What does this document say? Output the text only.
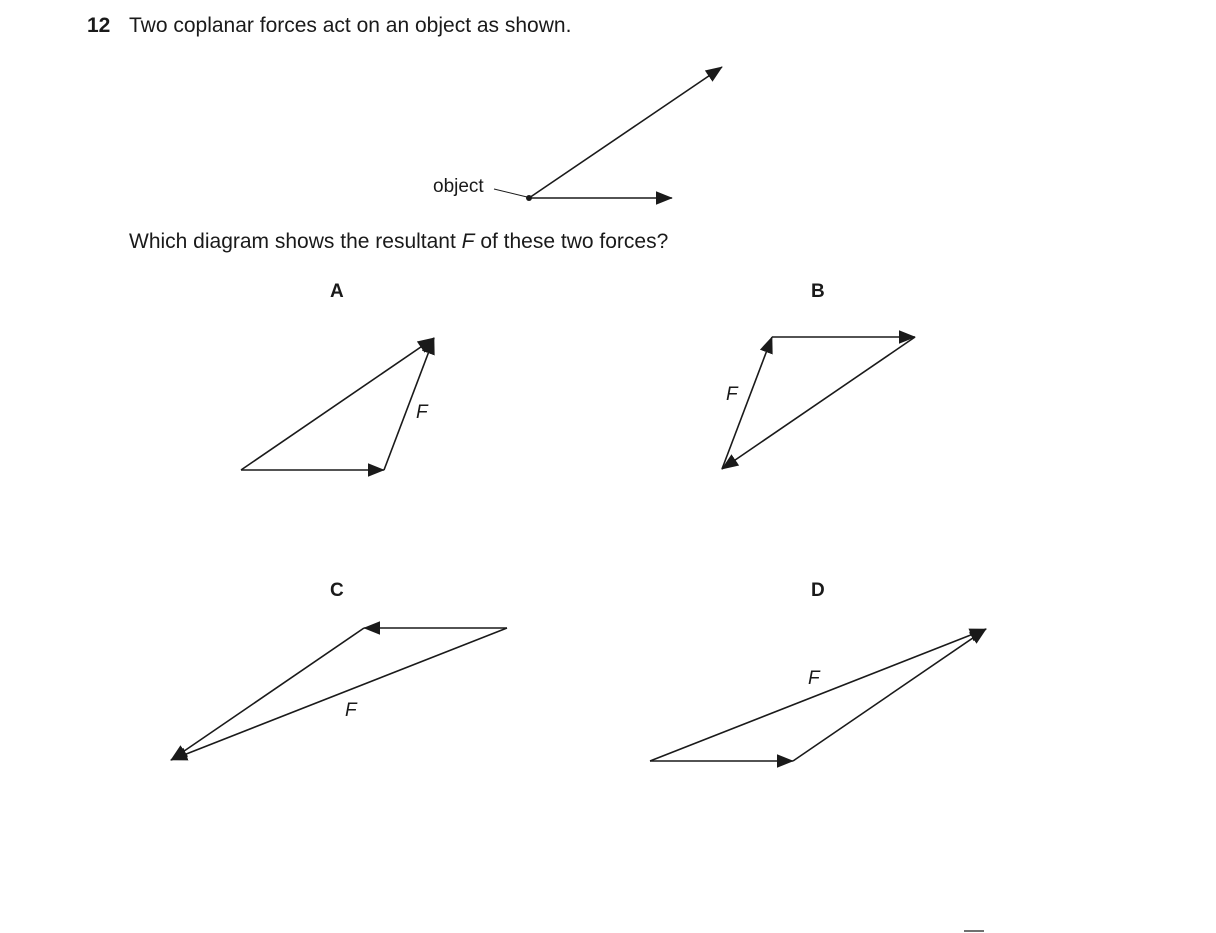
12 Two coplanar forces act on an object as shown.
Which diagram shows the resultant F of these two forces?
A	B
C	D
object
F
F
F
F
